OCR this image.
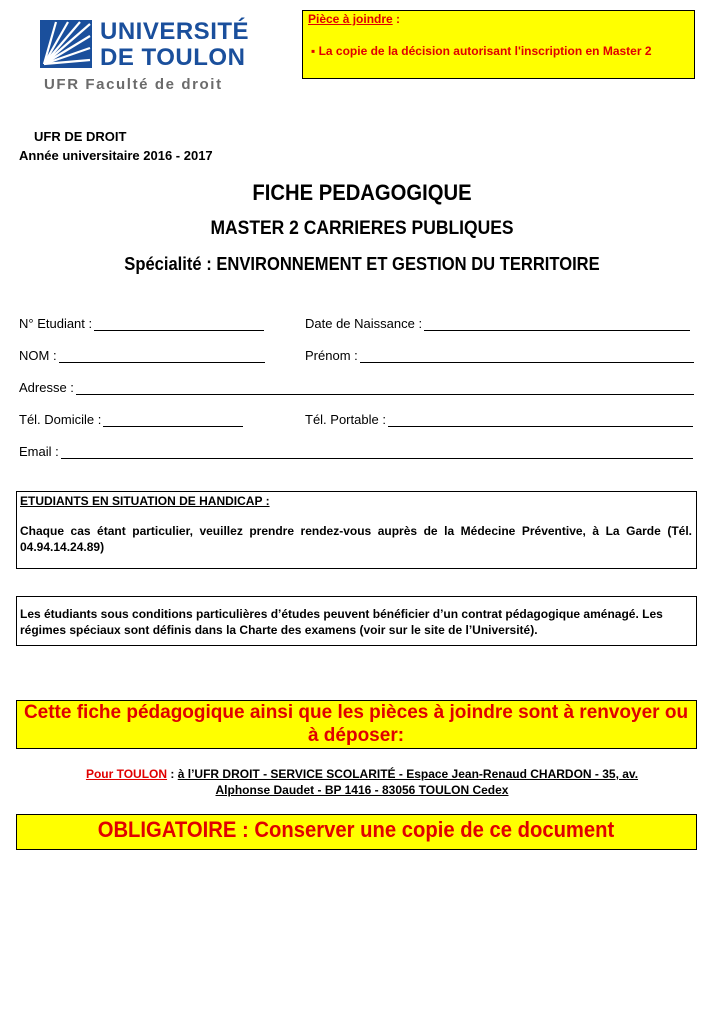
UNIVERSITÉ
DE TOULON
UFR Faculté de droit
Pièce à joindre :
▪ La copie de la décision autorisant l'inscription en Master 2
UFR DE DROIT
Année universitaire 2016 - 2017
FICHE PEDAGOGIQUE
MASTER 2 CARRIERES PUBLIQUES
Spécialité : ENVIRONNEMENT ET GESTION DU TERRITOIRE
N° Etudiant :	Date de Naissance :
NOM :	Prénom :
Adresse :
Tél. Domicile :	Tél. Portable :
Email :
ETUDIANTS EN SITUATION DE HANDICAP :
Chaque cas étant particulier, veuillez prendre rendez-vous auprès de la Médecine Préventive, à La Garde (Tél. 04.94.14.24.89)
Les étudiants sous conditions particulières d’études peuvent bénéficier d’un contrat pédagogique aménagé. Les régimes spéciaux sont définis dans la Charte des examens (voir sur le site de l’Université).
Cette fiche pédagogique ainsi que les pièces à joindre sont à renvoyer ou à déposer:
Pour TOULON : à l’UFR DROIT - SERVICE SCOLARITÉ - Espace Jean-Renaud CHARDON - 35, av.
Alphonse Daudet - BP 1416 - 83056 TOULON Cedex
OBLIGATOIRE : Conserver une copie de ce document
